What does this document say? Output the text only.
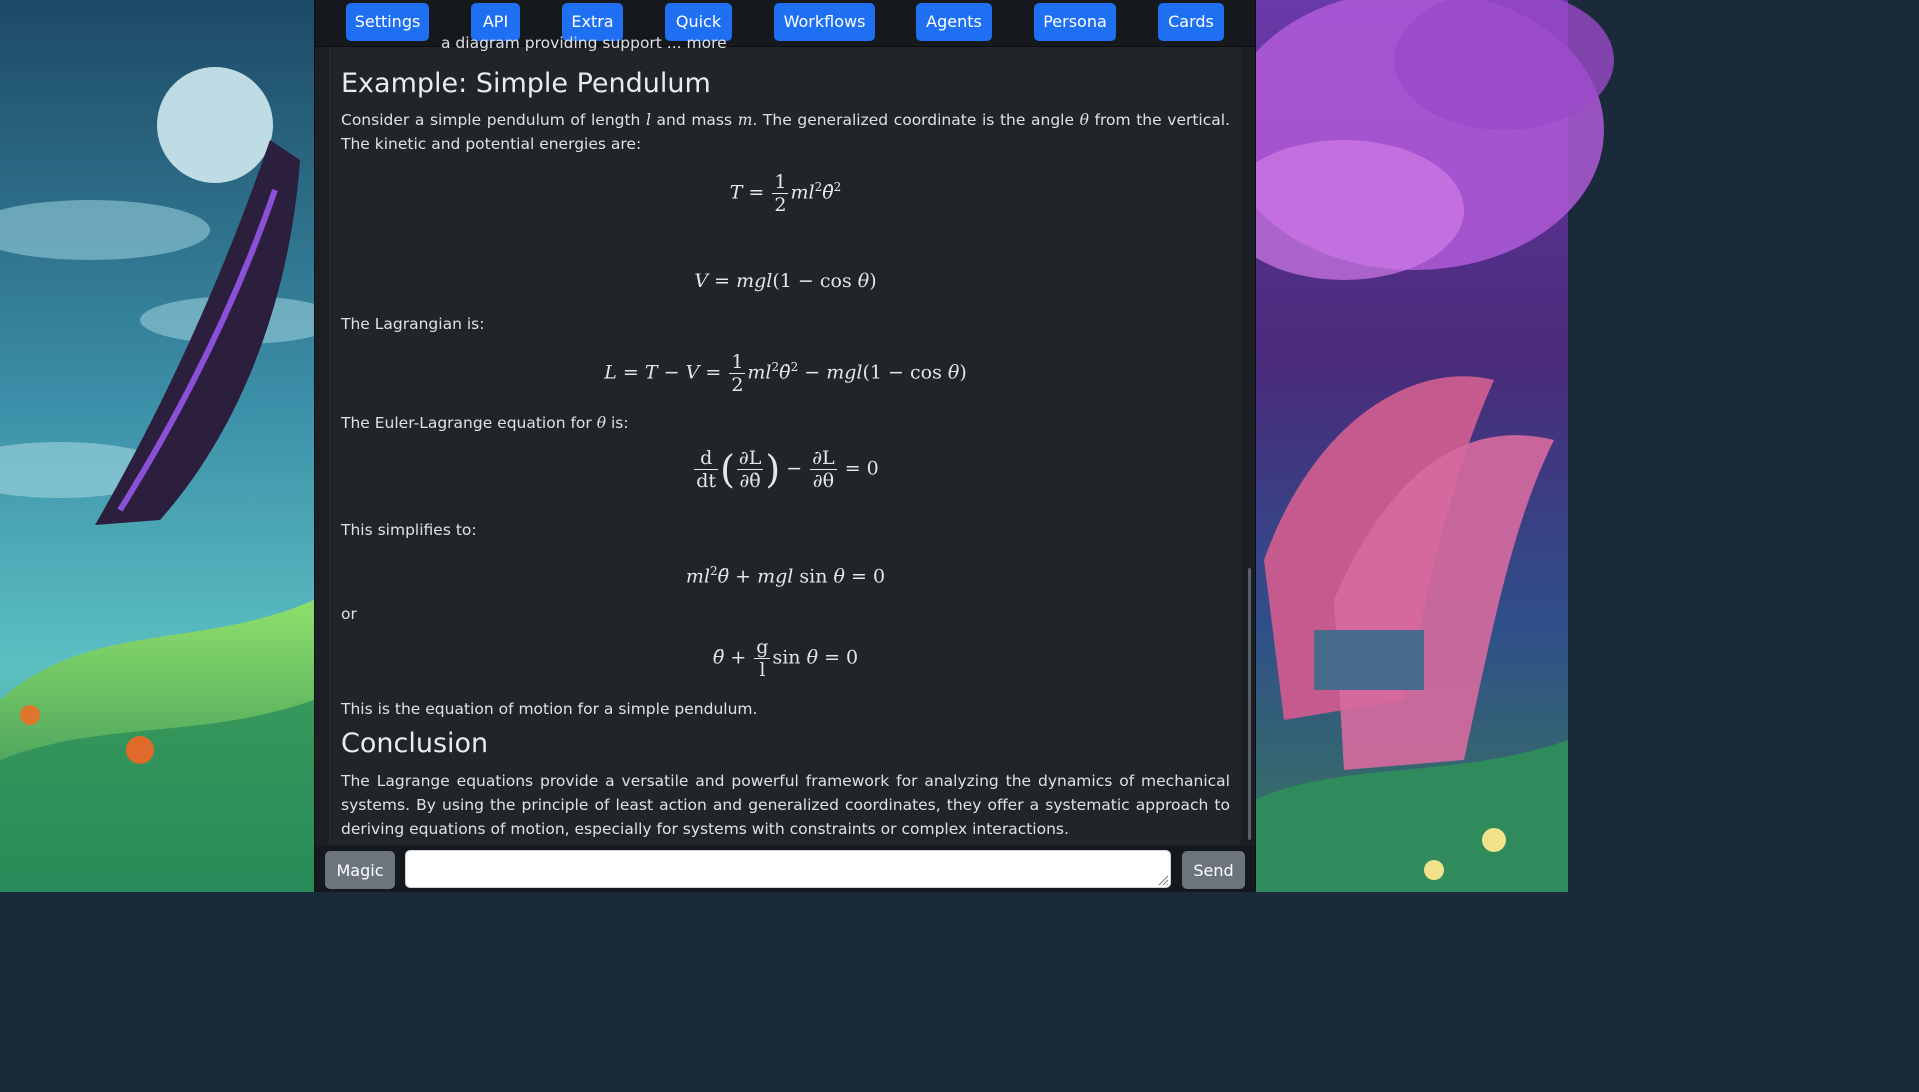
Settings	API	Extra	Quick	Workflows	Agents	Persona	Cards
a diagram providing support ... more
Example: Simple Pendulum

Consider a simple pendulum of length l and mass m. The generalized coordinate is the angle θ from the vertical. The kinetic and potential energies are:

$T = \frac{1}{2}$ $ml^2\thetȧ^2$
V = mgl(1 − cos θ)

The Lagrangian is:

$L = T - V = \frac{1}{2}$ $ml^2\thetȧ^2 - mgl(1 - \cos \theta)$

The Euler-Lagrange equation for θ is:

$\frac{d}{dt}$ ( $\frac{\partial L}{\partial\thetȧ}$ ) − $\frac{\partial L}{\partial\theta} = 0$

This simplifies to:

$ml^2\thetä$ + mgl sin θ = 0

or

θ̈ + $\frac{g}{l}$ sin θ = 0

This is the equation of motion for a simple pendulum.

Conclusion

The Lagrange equations provide a versatile and powerful framework for analyzing the dynamics of mechanical systems. By using the principle of least action and generalized coordinates, they offer a systematic approach to deriving equations of motion, especially for systems with constraints or complex interactions.

Magic	Send
